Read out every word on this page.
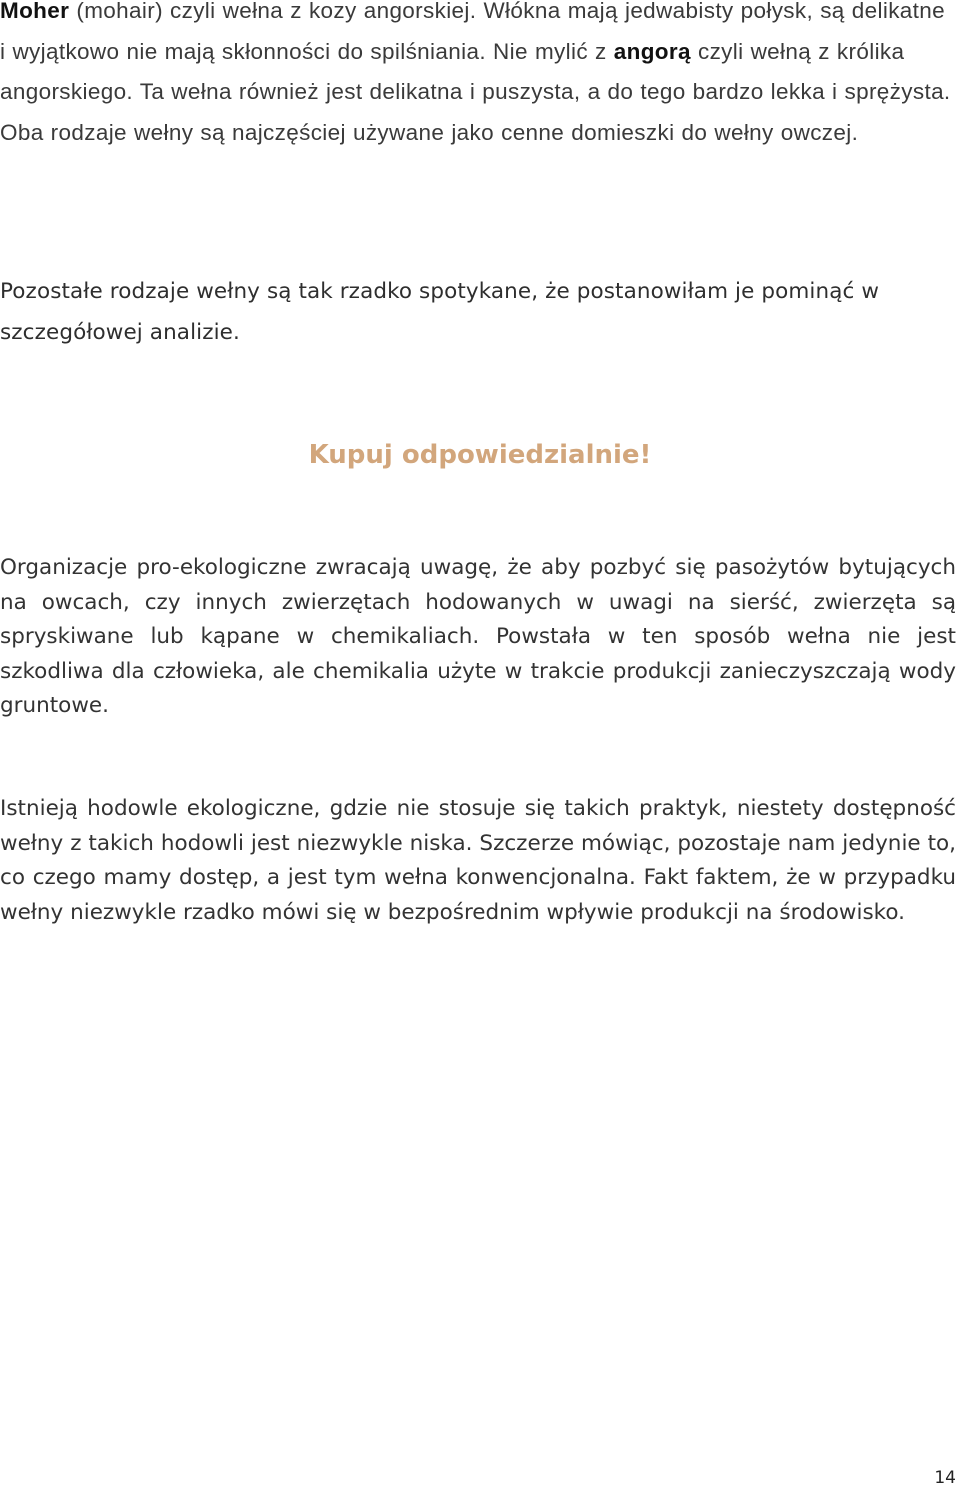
Moher (mohair) czyli wełna z kozy angorskiej. Włókna mają jedwabisty połysk, są delikatne i wyjątkowo nie mają skłonności do spilśniania. Nie mylić z angorą czyli wełną z królika angorskiego. Ta wełna również jest delikatna i puszysta, a do tego bardzo lekka i sprężysta. Oba rodzaje wełny są najczęściej używane jako cenne domieszki do wełny owczej.

Pozostałe rodzaje wełny są tak rzadko spotykane, że postanowiłam je pominąć w szczegółowej analizie.

Kupuj odpowiedzialnie!

Organizacje pro-ekologiczne zwracają uwagę, że aby pozbyć się pasożytów bytujących na owcach, czy innych zwierzętach hodowanych w uwagi na sierść, zwierzęta są spryskiwane lub kąpane w chemikaliach. Powstała w ten sposób wełna nie jest szkodliwa dla człowieka, ale chemikalia użyte w trakcie produkcji zanieczyszczają wody gruntowe.

Istnieją hodowle ekologiczne, gdzie nie stosuje się takich praktyk, niestety dostępność wełny z takich hodowli jest niezwykle niska. Szczerze mówiąc, pozostaje nam jedynie to, co czego mamy dostęp, a jest tym wełna konwencjonalna. Fakt faktem, że w przypadku wełny niezwykle rzadko mówi się w bezpośrednim wpływie produkcji na środowisko.

14
